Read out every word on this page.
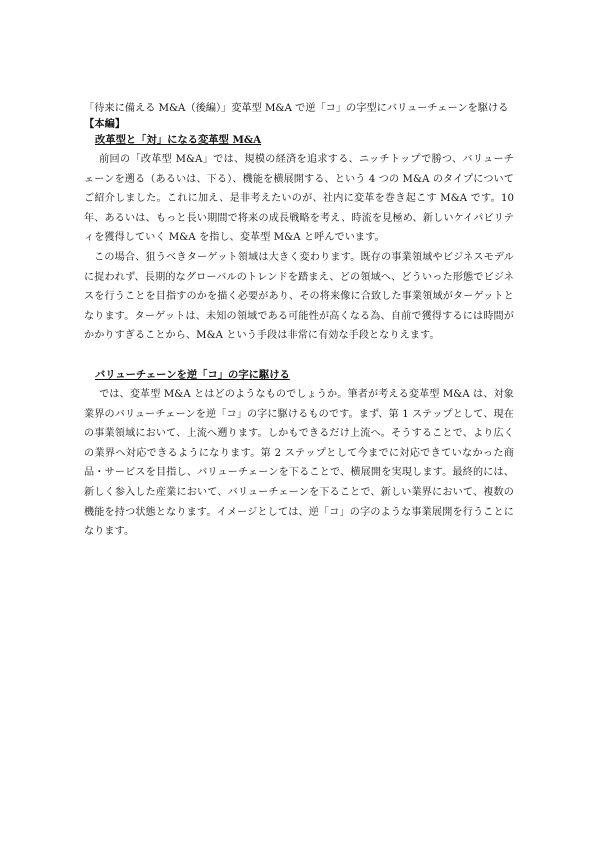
「待来に備える M&A（後編）」変革型 M&A で逆「コ」の字型にバリューチェーンを駆ける

【本編】

改革型と「対」になる変革型 M&A

前回の「改革型 M&A」では、規模の経済を追求する、ニッチトップで勝つ、バリューチェーンを遡る（あるいは、下る）、機能を横展開する、という 4 つの M&A のタイプについてご紹介しました。これに加え、是非考えたいのが、社内に変革を巻き起こす M&A です。10 年、あるいは、もっと長い期間で将来の成長戦略を考え、時流を見極め、新しいケイパビリティを獲得していく M&A を指し、変革型 M&A と呼んでいます。

この場合、狙うべきターゲット領域は大きく変わります。既存の事業領域やビジネスモデルに捉われず、長期的なグローバルのトレンドを踏まえ、どの領域へ、どういった形態でビジネスを行うことを目指すのかを描く必要があり、その将来像に合致した事業領域がターゲットとなります。ターゲットは、未知の領域である可能性が高くなる為、自前で獲得するには時間がかかりすぎることから、M&A という手段は非常に有効な手段となりえます。

バリューチェーンを逆「コ」の字に駆ける

では、変革型 M&A とはどのようなものでしょうか。筆者が考える変革型 M&A は、対象業界のバリューチェーンを逆「コ」の字に駆けるものです。まず、第 1 ステップとして、現在の事業領域において、上流へ遡ります。しかもできるだけ上流へ。そうすることで、より広くの業界へ対応できるようになります。第 2 ステップとして今までに対応できていなかった商品・サービスを目指し、バリューチェーンを下ることで、横展開を実現します。最終的には、新しく参入した産業において、バリューチェーンを下ることで、新しい業界において、複数の機能を持つ状態となります。イメージとしては、逆「コ」の字のような事業展開を行うことになります。
